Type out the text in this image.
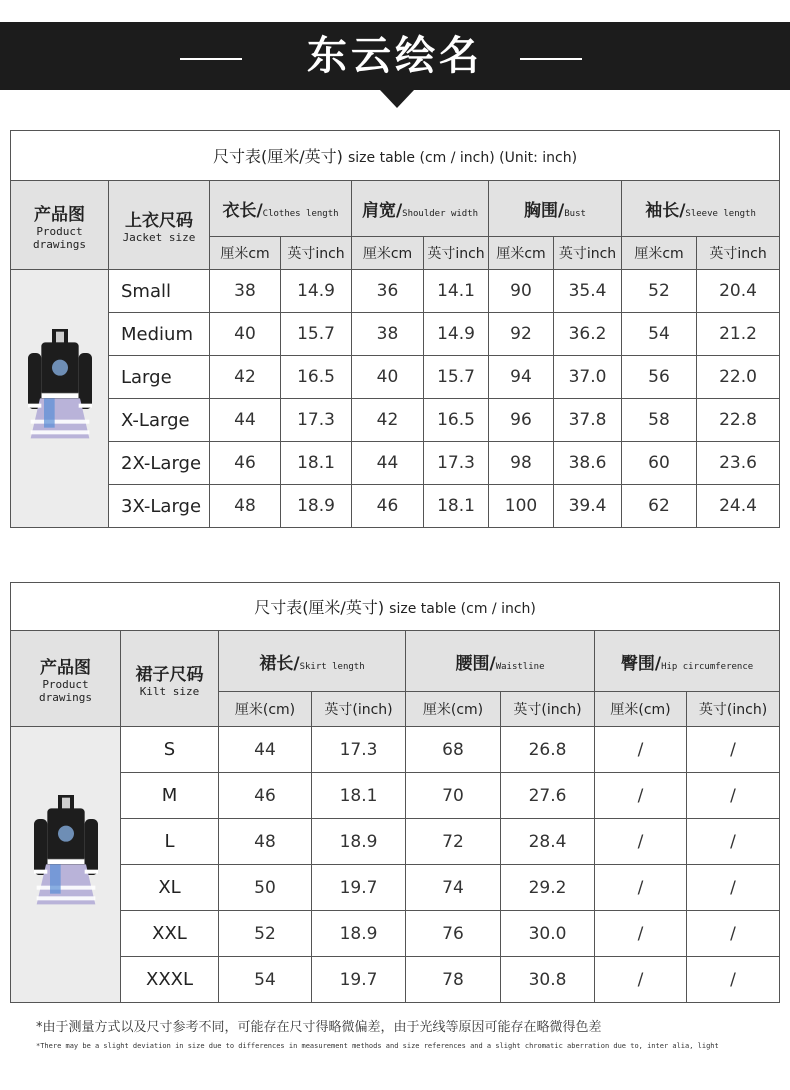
东云绘名
尺寸表(厘米/英寸) size table (cm / inch) (Unit: inch)									

产品图
Product drawings	上衣尺码
Jacket size	衣长/Clothes length		肩宽/Shoulder width		胸围/Bust		袖长/Sleeve length	
		厘米cm	英寸inch	厘米cm	英寸inch	厘米cm	英寸inch	厘米cm	英寸inch
	Small	38	14.9	36	14.1	90	35.4	52	20.4
	Medium	40	15.7	38	14.9	92	36.2	54	21.2
	Large	42	16.5	40	15.7	94	37.0	56	22.0
	X-Large	44	17.3	42	16.5	96	37.8	58	22.8
	2X-Large	46	18.1	44	17.3	98	38.6	60	23.6
	3X-Large	48	18.9	46	18.1	100	39.4	62	24.4
尺寸表(厘米/英寸) size table (cm / inch)							

产品图
Product drawings	裙子尺码
Kilt size	裙长/Skirt length		腰围/Waistline		臀围/Hip circumference	
		厘米(cm)	英寸(inch)	厘米(cm)	英寸(inch)	厘米(cm)	英寸(inch)
	S	44	17.3	68	26.8	/	/
	M	46	18.1	70	27.6	/	/
	L	48	18.9	72	28.4	/	/
	XL	50	19.7	74	29.2	/	/
	XXL	52	18.9	76	30.0	/	/
	XXXL	54	19.7	78	30.8	/	/
*由于测量方式以及尺寸参考不同，可能存在尺寸得略微偏差，由于光线等原因可能存在略微得色差
*There may be a slight deviation in size due to differences in measurement methods and size references and a slight chromatic aberration due to, inter alia, light
